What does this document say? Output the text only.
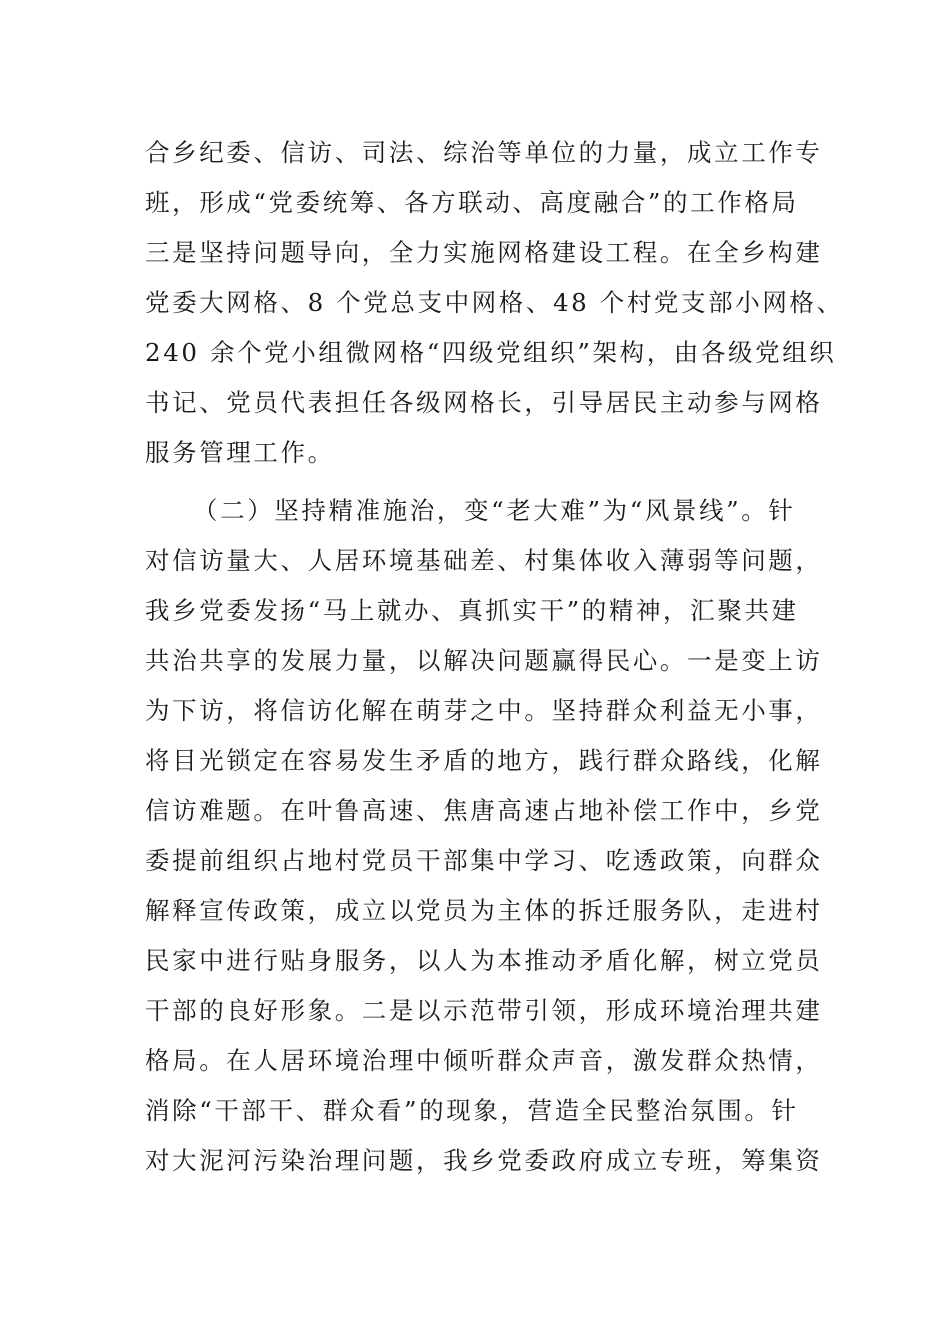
合乡纪委、信访、司法、综治等单位的力量，成立工作专
班，形成“党委统筹、各方联动、高度融合”的工作格局
三是坚持问题导向，全力实施网格建设工程。在全乡构建
党委大网格、8 个党总支中网格、48 个村党支部小网格、
240 余个党小组微网格“四级党组织”架构，由各级党组织
书记、党员代表担任各级网格长，引导居民主动参与网格
服务管理工作。
（二）坚持精准施治，变“老大难”为“风景线”。针
对信访量大、人居环境基础差、村集体收入薄弱等问题，
我乡党委发扬“马上就办、真抓实干”的精神，汇聚共建
共治共享的发展力量，以解决问题赢得民心。一是变上访
为下访，将信访化解在萌芽之中。坚持群众利益无小事，
将目光锁定在容易发生矛盾的地方，践行群众路线，化解
信访难题。在叶鲁高速、焦唐高速占地补偿工作中，乡党
委提前组织占地村党员干部集中学习、吃透政策，向群众
解释宣传政策，成立以党员为主体的拆迁服务队，走进村
民家中进行贴身服务，以人为本推动矛盾化解，树立党员
干部的良好形象。二是以示范带引领，形成环境治理共建
格局。在人居环境治理中倾听群众声音，激发群众热情，
消除“干部干、群众看”的现象，营造全民整治氛围。针
对大泥河污染治理问题，我乡党委政府成立专班，筹集资
